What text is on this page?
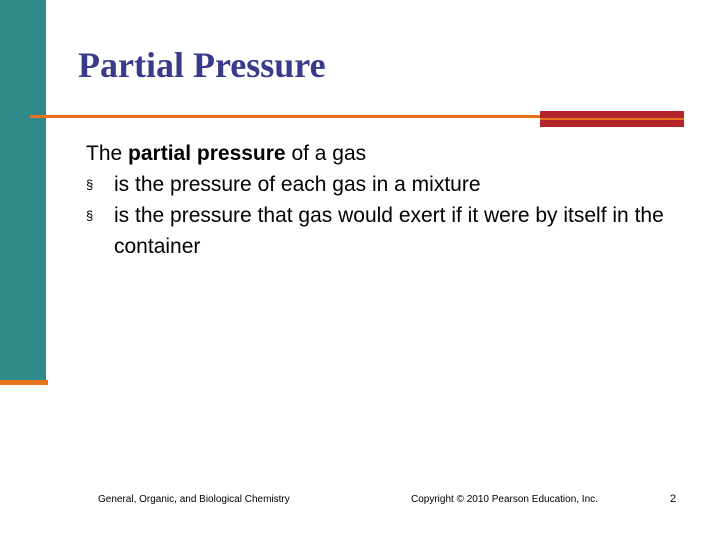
Partial Pressure
The partial pressure of a gas
§ is the pressure of each gas in a mixture
§ is the pressure that gas would exert if it were by itself in the container
General, Organic, and Biological Chemistry	Copyright © 2010 Pearson Education, Inc.	2
